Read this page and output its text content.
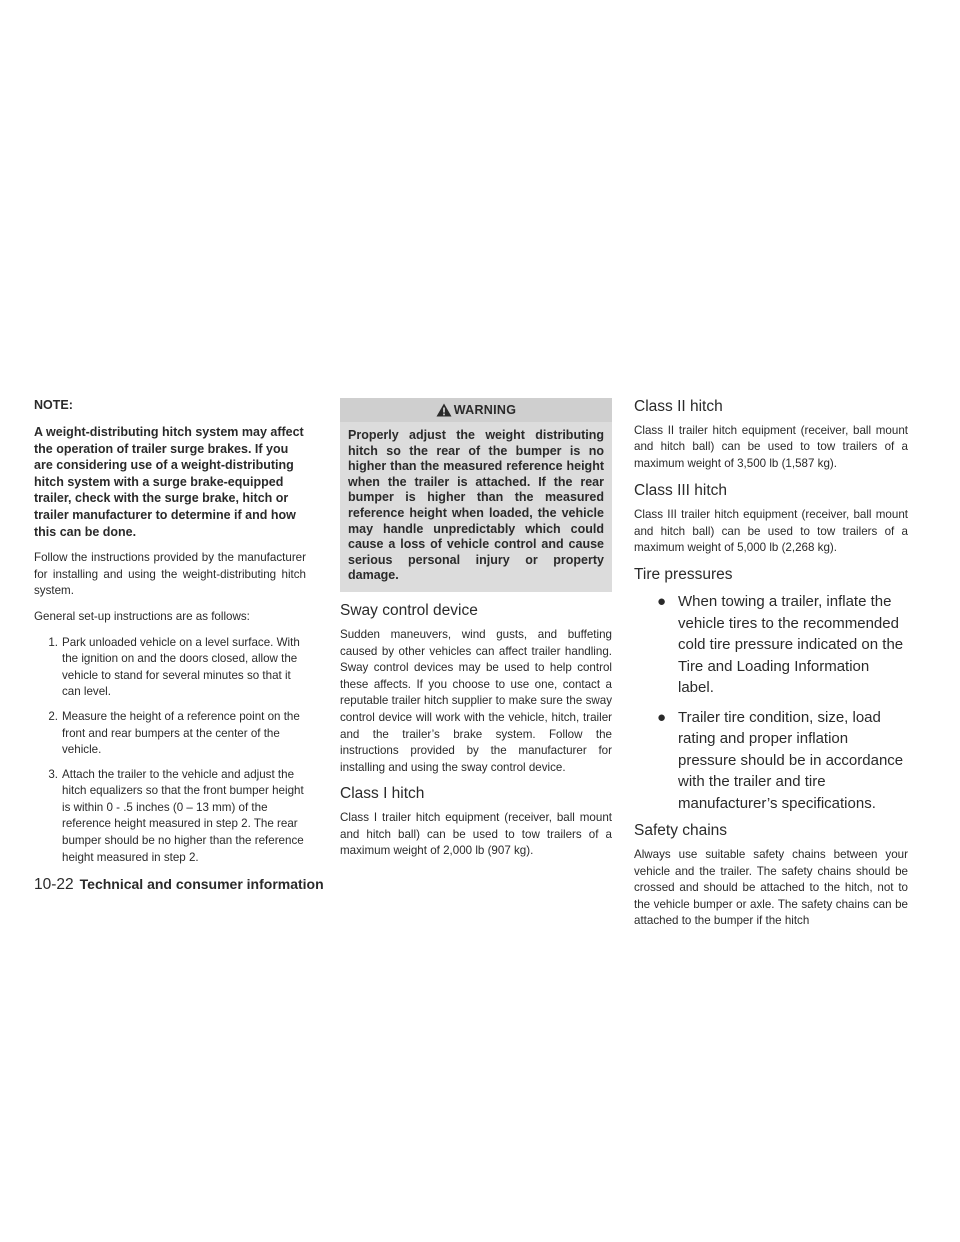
NOTE:

A weight-distributing hitch system may affect the operation of trailer surge brakes. If you are considering use of a weight-distributing hitch system with a surge brake-equipped trailer, check with the surge brake, hitch or trailer manufacturer to determine if and how this can be done.

Follow the instructions provided by the manufacturer for installing and using the weight-distributing hitch system.

General set-up instructions are as follows:

1. Park unloaded vehicle on a level surface. With the ignition on and the doors closed, allow the vehicle to stand for several minutes so that it can level.
2. Measure the height of a reference point on the front and rear bumpers at the center of the vehicle.
3. Attach the trailer to the vehicle and adjust the hitch equalizers so that the front bumper height is within 0 - .5 inches (0 – 13 mm) of the reference height measured in step 2. The rear bumper should be no higher than the reference height measured in step 2.
WARNING

Properly adjust the weight distributing hitch so the rear of the bumper is no higher than the measured reference height when the trailer is attached. If the rear bumper is higher than the measured reference height when loaded, the vehicle may handle unpredictably which could cause a loss of vehicle control and cause serious personal injury or property damage.

Sway control device

Sudden maneuvers, wind gusts, and buffeting caused by other vehicles can affect trailer handling. Sway control devices may be used to help control these affects. If you choose to use one, contact a reputable trailer hitch supplier to make sure the sway control device will work with the vehicle, hitch, trailer and the trailer’s brake system. Follow the instructions provided by the manufacturer for installing and using the sway control device.

Class I hitch

Class I trailer hitch equipment (receiver, ball mount and hitch ball) can be used to tow trailers of a maximum weight of 2,000 lb (907 kg).

Class II hitch

Class II trailer hitch equipment (receiver, ball mount and hitch ball) can be used to tow trailers of a maximum weight of 3,500 lb (1,587 kg).

Class III hitch

Class III trailer hitch equipment (receiver, ball mount and hitch ball) can be used to tow trailers of a maximum weight of 5,000 lb (2,268 kg).

Tire pressures
● When towing a trailer, inflate the vehicle tires to the recommended cold tire pressure indicated on the Tire and Loading Information label.
● Trailer tire condition, size, load rating and proper inflation pressure should be in accordance with the trailer and tire manufacturer’s specifications.
Safety chains

Always use suitable safety chains between your vehicle and the trailer. The safety chains should be crossed and should be attached to the hitch, not to the vehicle bumper or axle. The safety chains can be attached to the bumper if the hitch

10-22 Technical and consumer information
